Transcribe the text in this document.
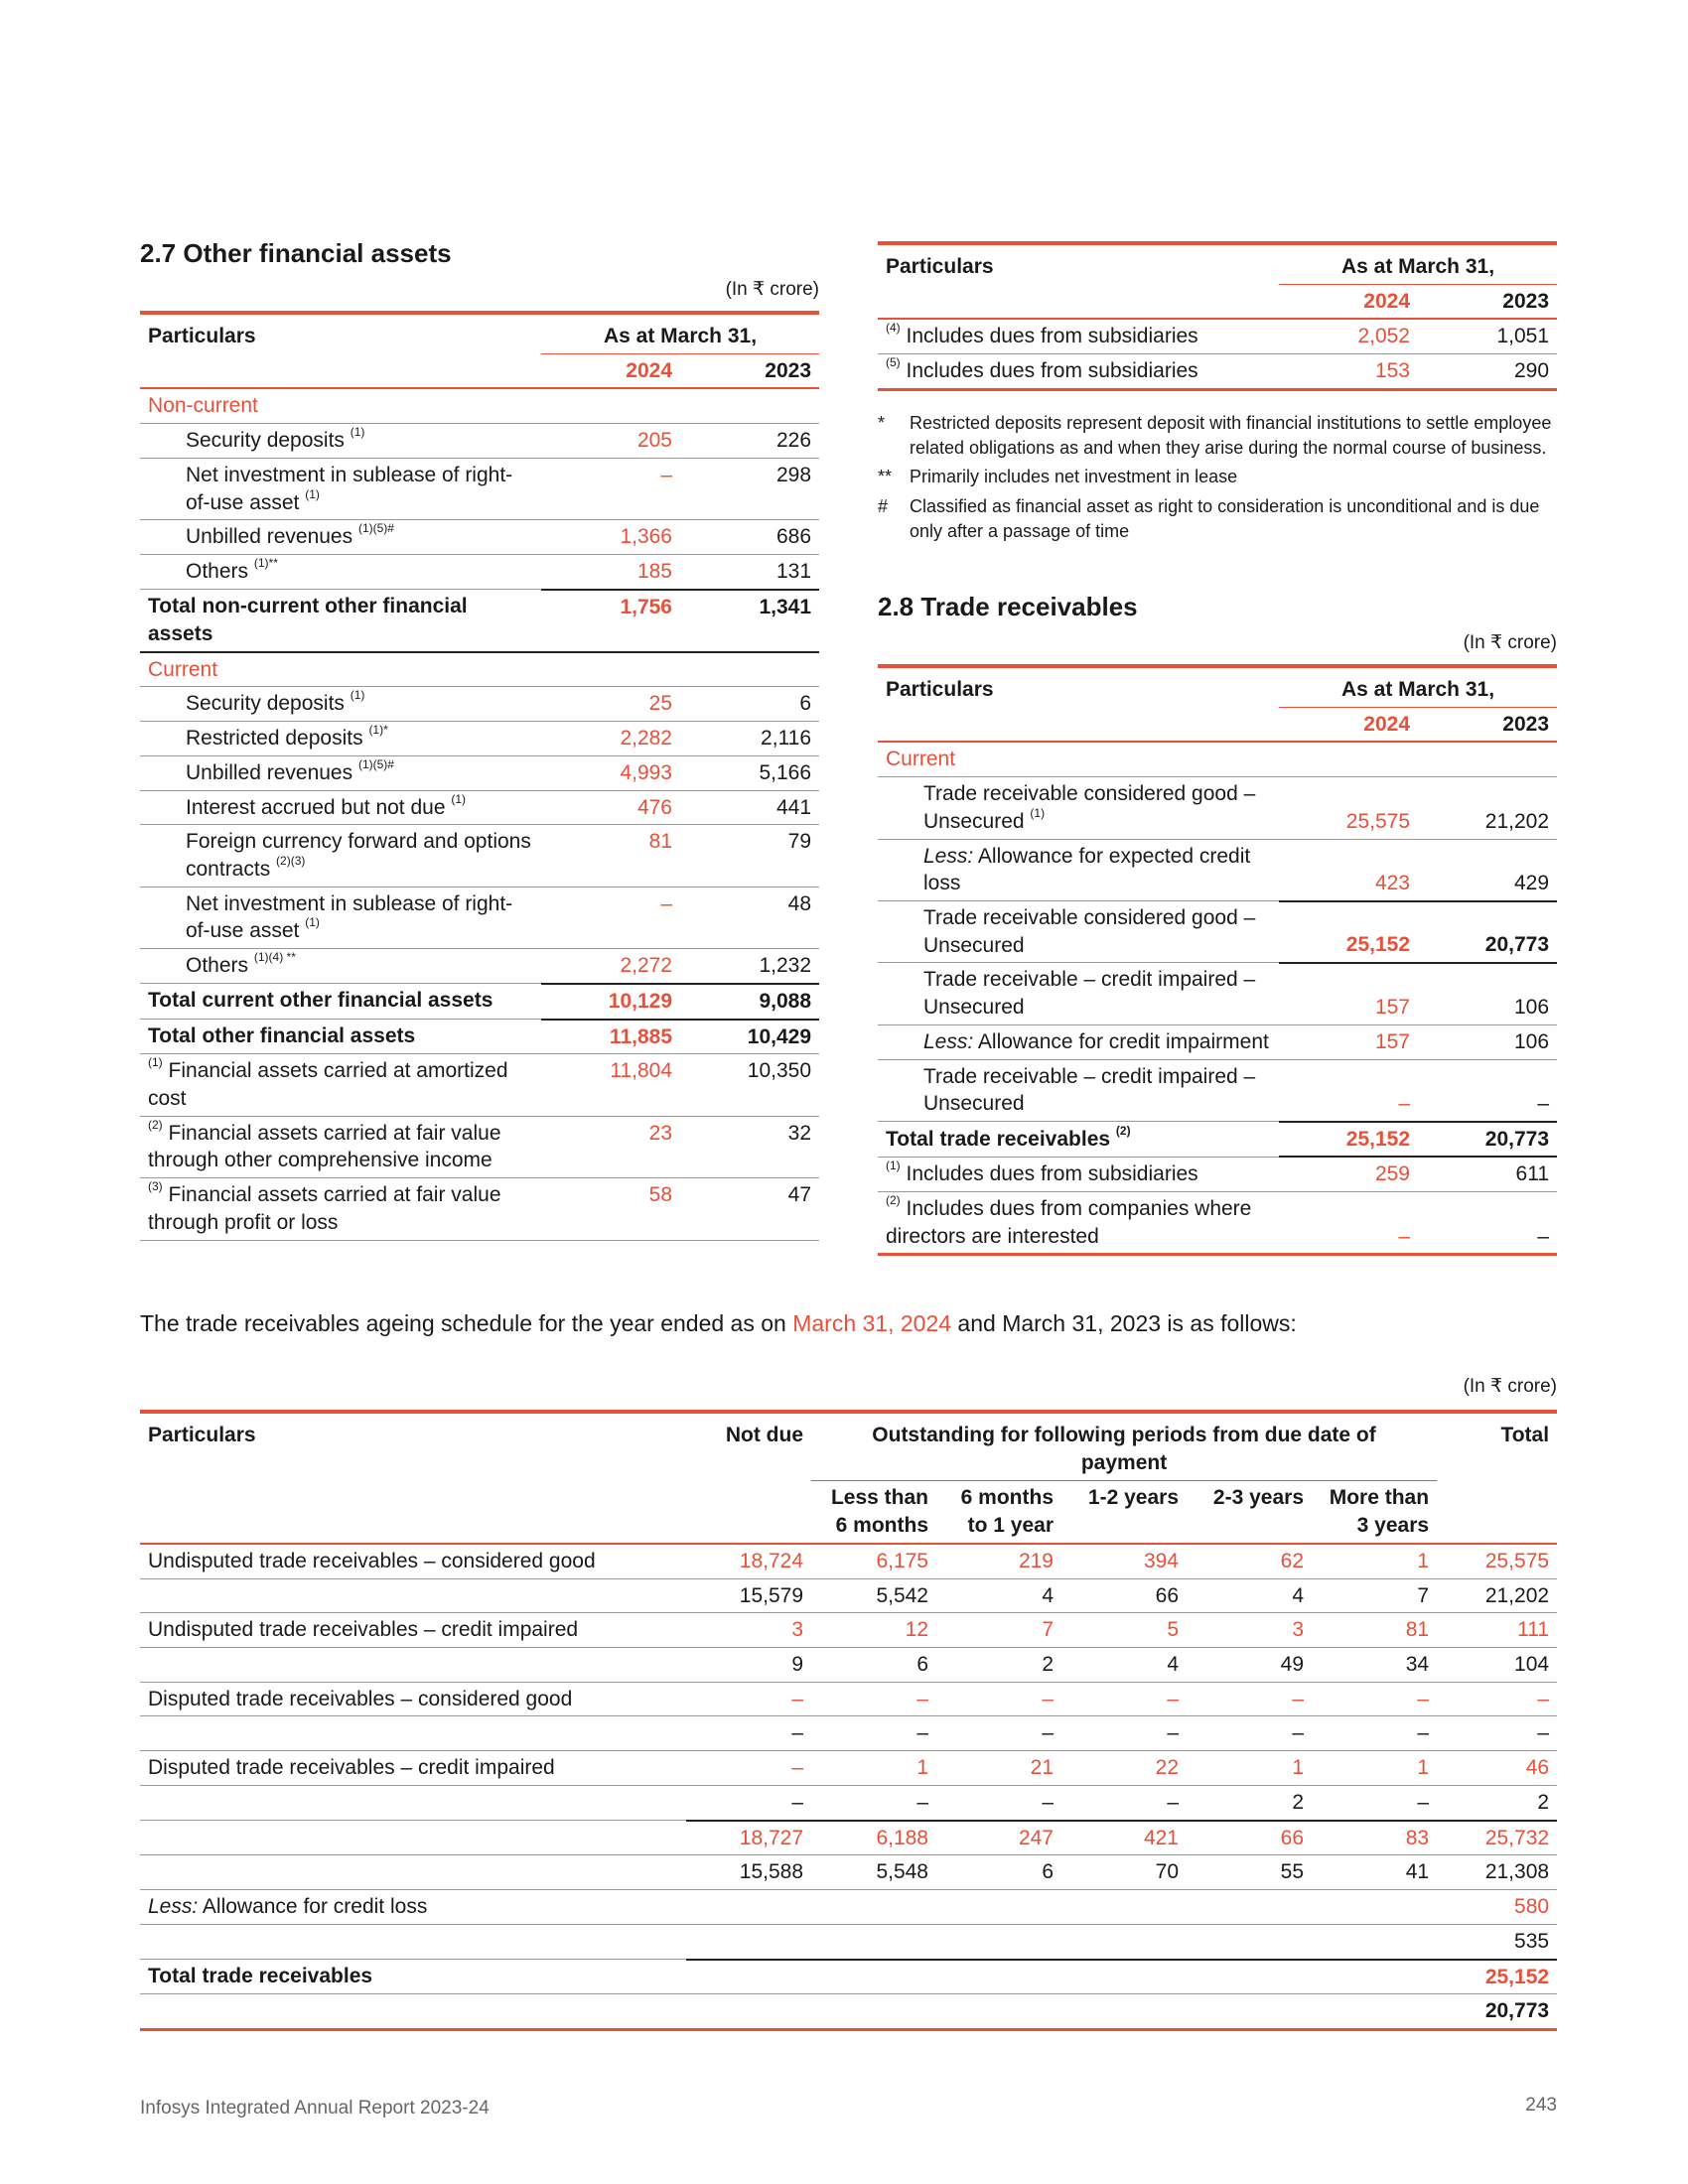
2.7 Other financial assets
(In ₹ crore)
Particulars	As at March 31,	
	2024	2023
Non-current		
Security deposits $^{(1)}$	205	226
Net investment in sublease of right-of-use asset $^{(1)}$	–	298
Unbilled revenues $^{(1)(5)\#}$	1,366	686
Others $^{(1)**}$	185	131
Total non-current other financial assets	1,756	1,341
Current		
Security deposits $^{(1)}$	25	6
Restricted deposits $^{(1)*}$	2,282	2,116
Unbilled revenues $^{(1)(5)\#}$	4,993	5,166
Interest accrued but not due $^{(1)}$	476	441
Foreign currency forward and options contracts $^{(2)(3)}$	81	79
Net investment in sublease of right-of-use asset $^{(1)}$	–	48
Others $^{(1)(4) **}$	2,272	1,232
Total current other financial assets	10,129	9,088
Total other financial assets	11,885	10,429
$^{(1)}$ Financial assets carried at amortized cost	11,804	10,350
$^{(2)}$ Financial assets carried at fair value through other comprehensive income	23	32
$^{(3)}$ Financial assets carried at fair value through profit or loss	58	47
Particulars	As at March 31,	
	2024	2023
$^{(4)}$ Includes dues from subsidiaries	2,052	1,051
$^{(5)}$ Includes dues from subsidiaries	153	290
*	Restricted deposits represent deposit with financial institutions to settle employee related obligations as and when they arise during the normal course of business.
** Primarily includes net investment in lease
#	Classified as financial asset as right to consideration is unconditional and is due only after a passage of time
2.8 Trade receivables
(In ₹ crore)
Particulars	As at March 31,	
	2024	2023
Current		
Trade receivable considered good – Unsecured $^{(1)}$	25,575	21,202
Less: Allowance for expected credit loss	423	429
Trade receivable considered good – Unsecured	25,152	20,773
Trade receivable – credit impaired – Unsecured	157	106
Less: Allowance for credit impairment	157	106
Trade receivable – credit impaired – Unsecured	–	–
Total trade receivables $^{(2)}$	25,152	20,773
$^{(1)}$ Includes dues from subsidiaries	259	611
$^{(2)}$ Includes dues from companies where directors are interested	–	–
The trade receivables ageing schedule for the year ended as on March 31, 2024 and March 31, 2023 is as follows:
(In ₹ crore)
Particulars	Not due	Outstanding for following periods from due date of payment					Total
		Less than 6 months	6 months to 1 year	1-2 years	2-3 years	More than 3 years	
Undisputed trade receivables – considered good	18,724	6,175	219	394	62	1	25,575
	15,579	5,542	4	66	4	7	21,202
Undisputed trade receivables – credit impaired	3	12	7	5	3	81	111
	9	6	2	4	49	34	104
Disputed trade receivables – considered good	–	–	–	–	–	–	–
	–	–	–	–	–	–	–
Disputed trade receivables – credit impaired	–	1	21	22	1	1	46
	–	–	–	–	2	–	2
	18,727	6,188	247	421	66	83	25,732
	15,588	5,548	6	70	55	41	21,308
Less: Allowance for credit loss							580
							535
Total trade receivables							25,152
							20,773
Infosys Integrated Annual Report 2023-24	243
